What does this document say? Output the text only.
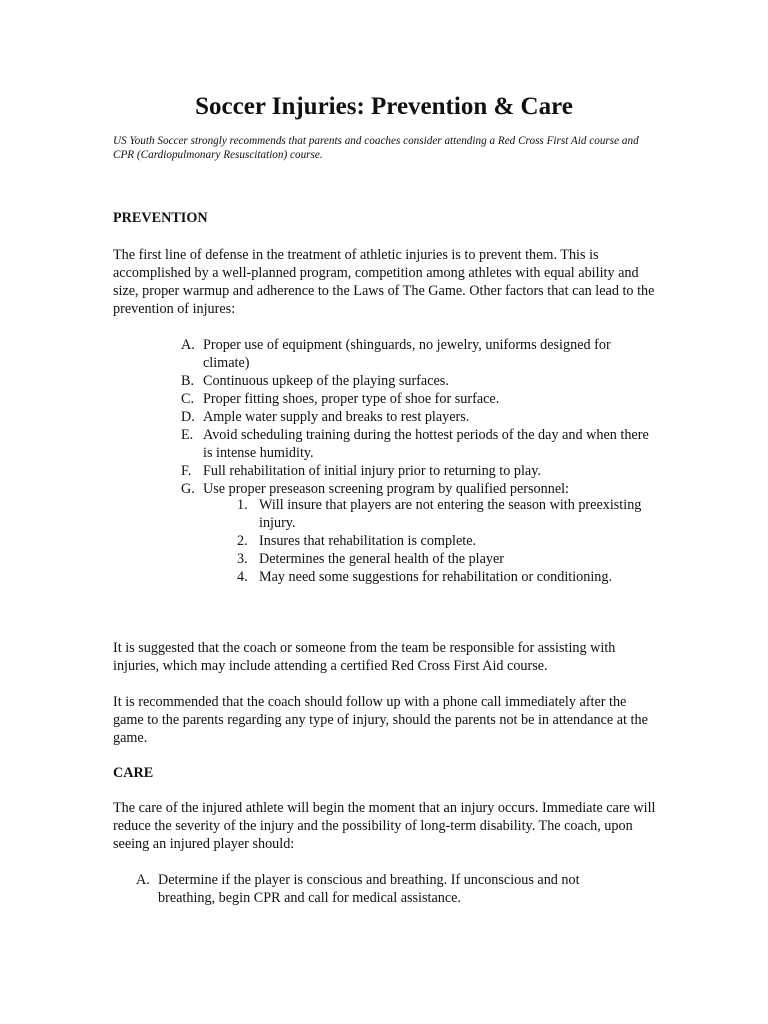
Soccer Injuries: Prevention & Care
US Youth Soccer strongly recommends that parents and coaches consider attending a Red Cross First Aid course and CPR (Cardiopulmonary Resuscitation) course.
PREVENTION
The first line of defense in the treatment of athletic injuries is to prevent them. This is accomplished by a well-planned program, competition among athletes with equal ability and size, proper warmup and adherence to the Laws of The Game. Other factors that can lead to the prevention of injures:
A. Proper use of equipment (shinguards, no jewelry, uniforms designed for climate)
B. Continuous upkeep of the playing surfaces.
C. Proper fitting shoes, proper type of shoe for surface.
D. Ample water supply and breaks to rest players.
E. Avoid scheduling training during the hottest periods of the day and when there is intense humidity.
F. Full rehabilitation of initial injury prior to returning to play.
G. Use proper preseason screening program by qualified personnel:
1. Will insure that players are not entering the season with preexisting injury.
2. Insures that rehabilitation is complete.
3. Determines the general health of the player
4. May need some suggestions for rehabilitation or conditioning.
It is suggested that the coach or someone from the team be responsible for assisting with injuries, which may include attending a certified Red Cross First Aid course.
It is recommended that the coach should follow up with a phone call immediately after the game to the parents regarding any type of injury, should the parents not be in attendance at the game.
CARE
The care of the injured athlete will begin the moment that an injury occurs. Immediate care will reduce the severity of the injury and the possibility of long-term disability. The coach, upon seeing an injured player should:
A. Determine if the player is conscious and breathing. If unconscious and not breathing, begin CPR and call for medical assistance.
